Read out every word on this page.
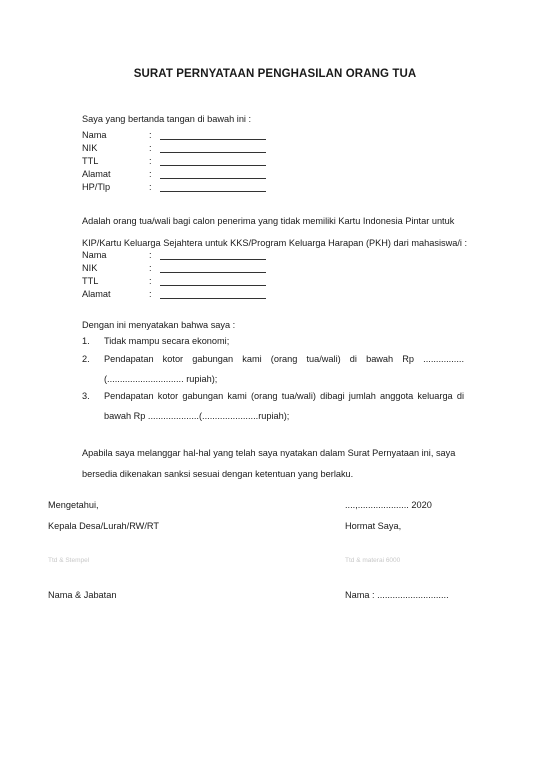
SURAT PERNYATAAN PENGHASILAN ORANG TUA
Saya yang bertanda tangan di bawah ini :
Nama	:
NIK	:
TTL	:
Alamat	:
HP/Tlp	:
Adalah orang tua/wali bagi calon penerima yang tidak memiliki Kartu Indonesia Pintar untuk
KIP/Kartu Keluarga Sejahtera untuk KKS/Program Keluarga Harapan (PKH) dari mahasiswa/i :
Nama	:
NIK	:
TTL	:
Alamat	:
Dengan ini menyatakan bahwa saya :
1. Tidak mampu secara ekonomi;
2. Pendapatan kotor gabungan kami (orang tua/wali) di bawah Rp ................ (.............................. rupiah);
3. Pendapatan kotor gabungan kami (orang tua/wali) dibagi jumlah anggota keluarga di bawah Rp ....................(......................rupiah);
Apabila saya melanggar hal-hal yang telah saya nyatakan dalam Surat Pernyataan ini, saya
bersedia dikenakan sanksi sesuai dengan ketentuan yang berlaku.
Mengetahui,
Kepala Desa/Lurah/RW/RT
Ttd & Stempel
Nama & Jabatan
....,.................... 2020
Hormat Saya,
Ttd & materai 6000
Nama : ............................
